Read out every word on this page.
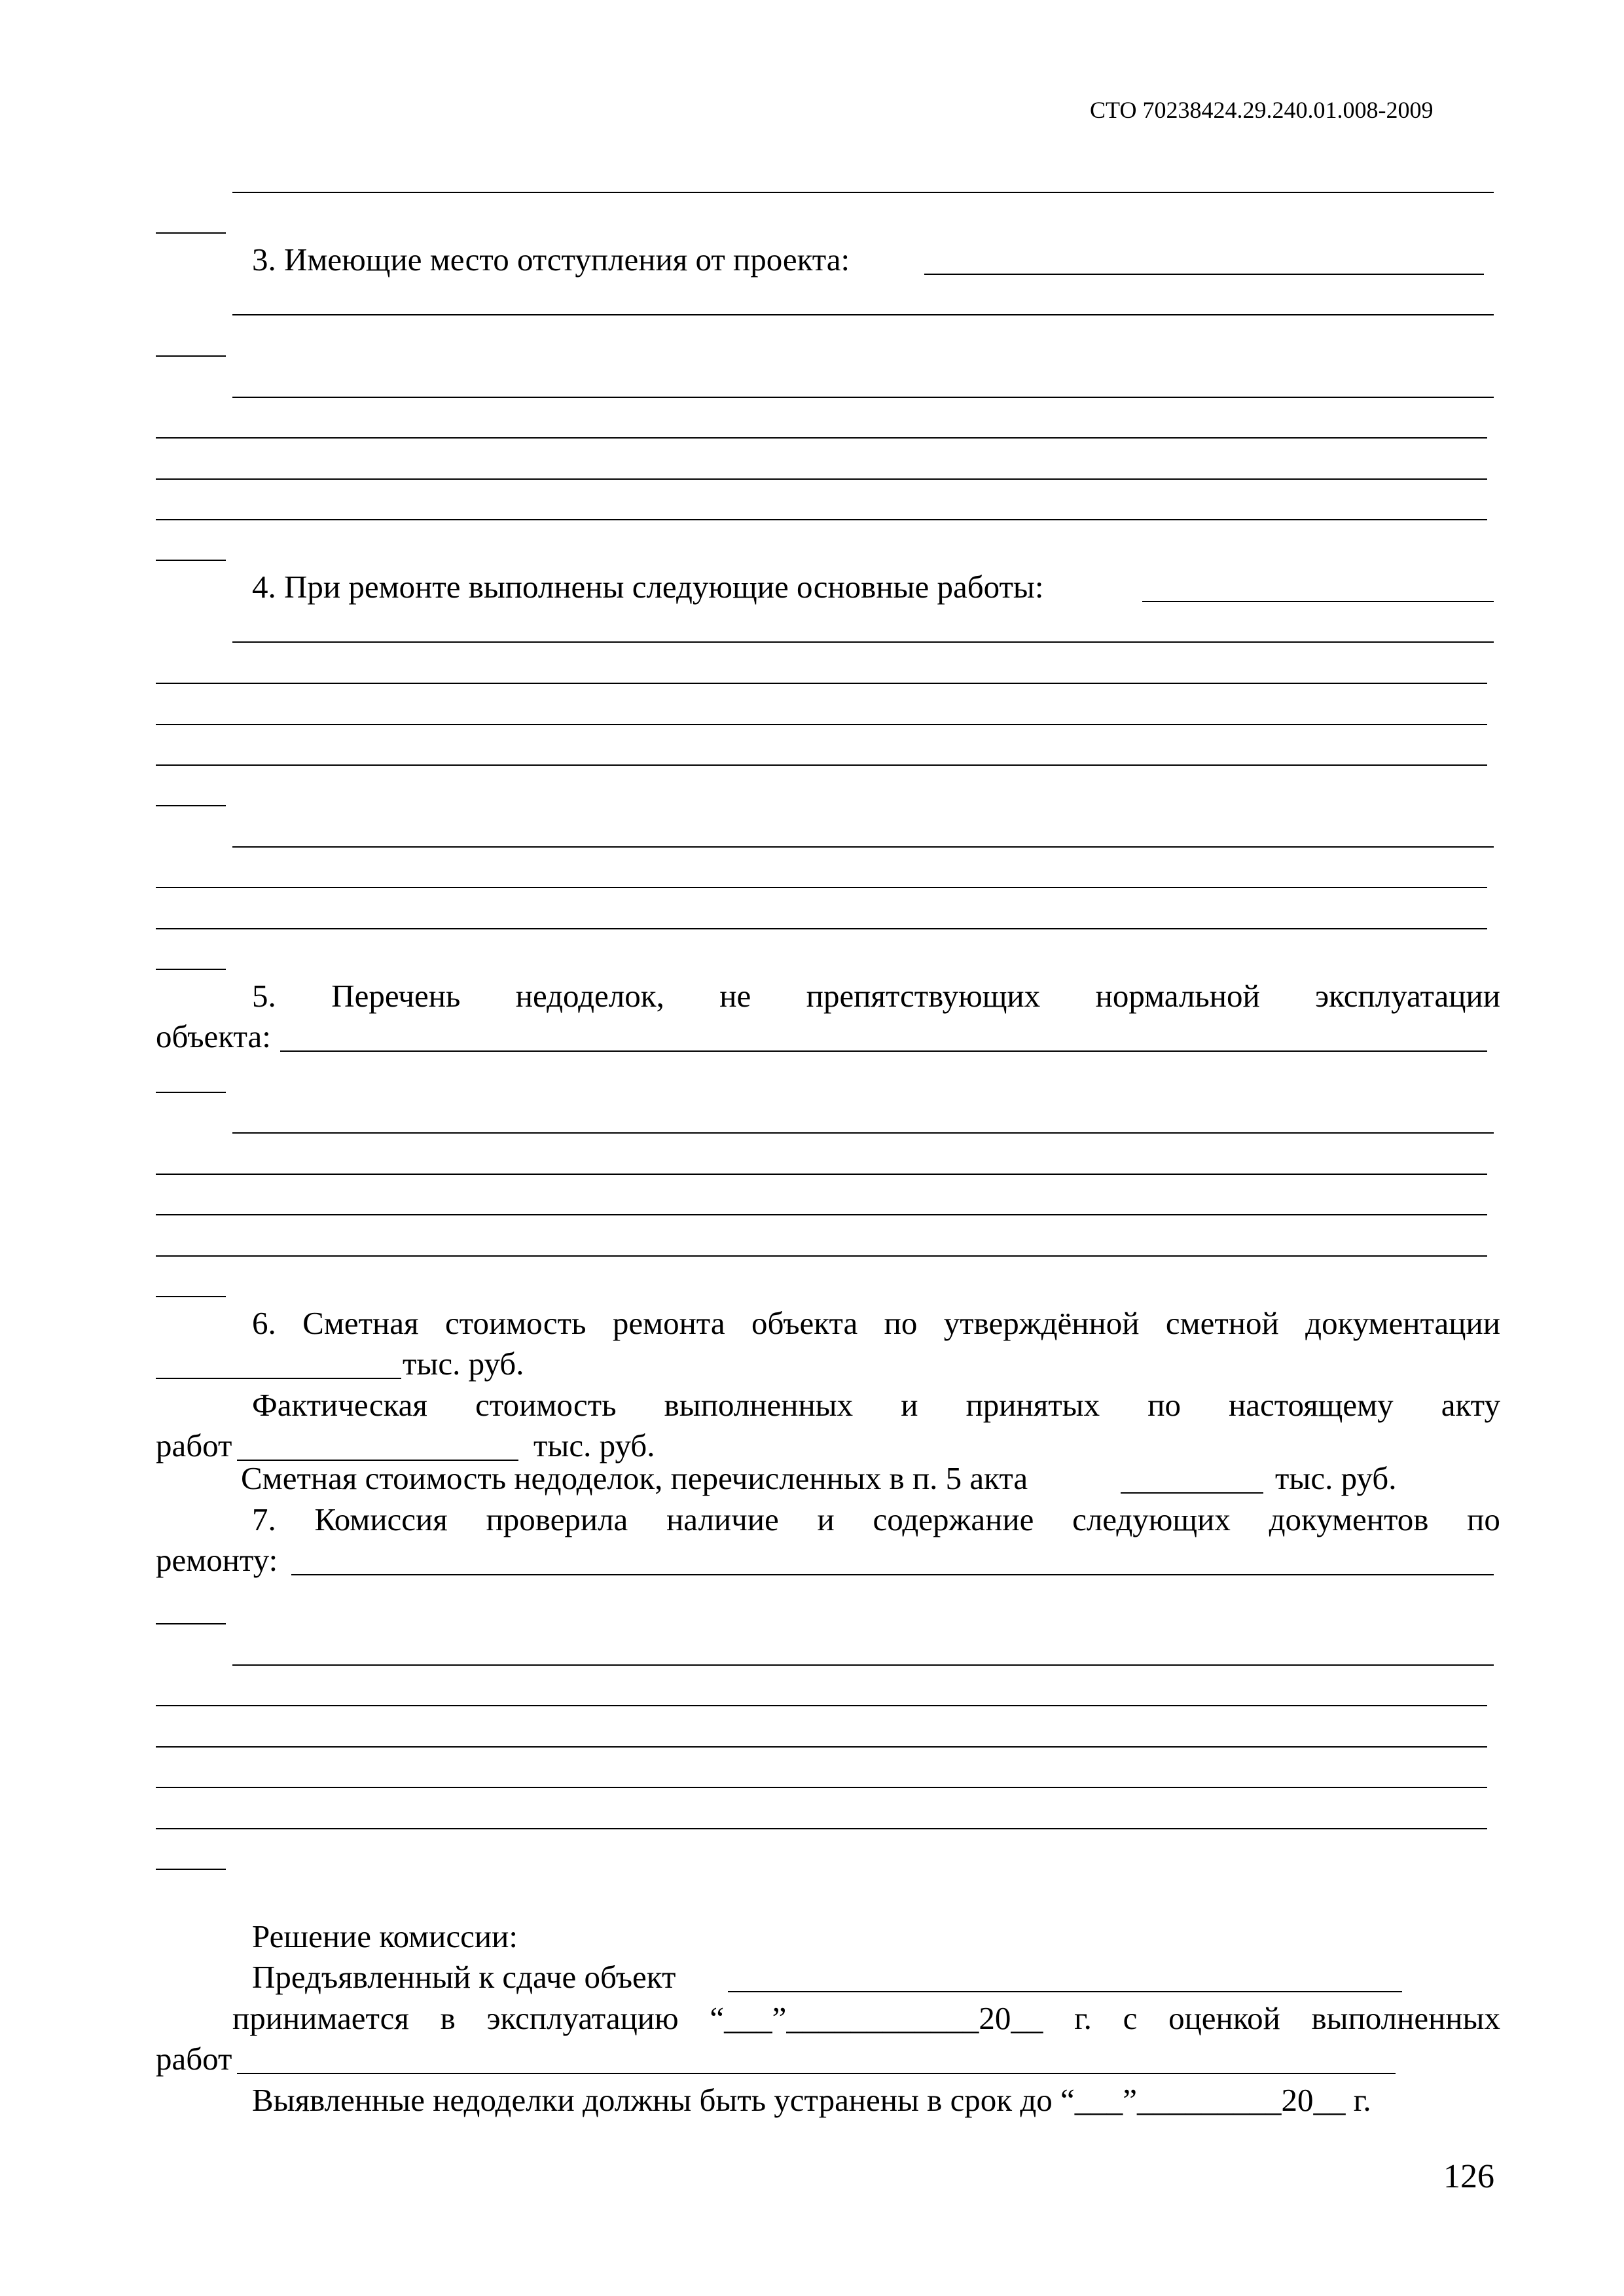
СТО 70238424.29.240.01.008-2009
3. Имеющие место отступления от проекта:
4. При ремонте выполнены следующие основные работы:
5. Перечень недоделок, не препятствующих нормальной эксплуатации
объекта:
6. Сметная стоимость ремонта объекта по утверждённой сметной документации
тыс. руб.
Фактическая стоимость выполненных и принятых по настоящему акту
работ	тыс. руб.
Сметная стоимость недоделок, перечисленных в п. 5 акта	тыс. руб.
7. Комиссия проверила наличие и содержание следующих документов по
ремонту:
Решение комиссии:
Предъявленный к сдаче объект
принимается в эксплуатацию “___”____________20__ г. с оценкой выполненных
работ
Выявленные недоделки должны быть устранены в срок до “___”_________20__ г.
126
